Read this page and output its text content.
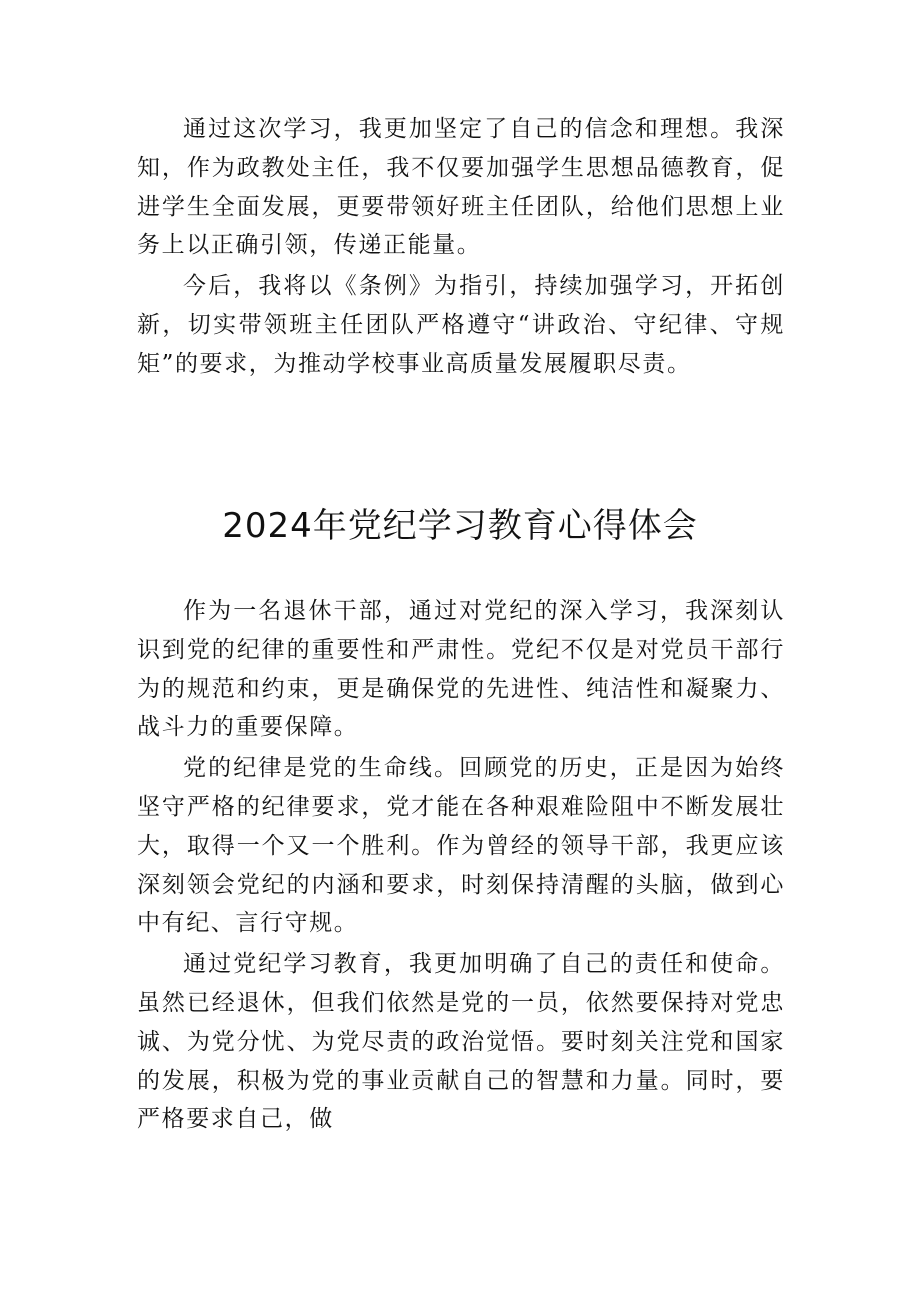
通过这次学习，我更加坚定了自己的信念和理想。我深知，作为政教处主任，我不仅要加强学生思想品德教育，促进学生全面发展，更要带领好班主任团队，给他们思想上业务上以正确引领，传递正能量。

今后，我将以《条例》为指引，持续加强学习，开拓创新，切实带领班主任团队严格遵守“讲政治、守纪律、守规矩”的要求，为推动学校事业高质量发展履职尽责。

2024年党纪学习教育心得体会

作为一名退休干部，通过对党纪的深入学习，我深刻认识到党的纪律的重要性和严肃性。党纪不仅是对党员干部行为的规范和约束，更是确保党的先进性、纯洁性和凝聚力、战斗力的重要保障。

党的纪律是党的生命线。回顾党的历史，正是因为始终坚守严格的纪律要求，党才能在各种艰难险阻中不断发展壮大，取得一个又一个胜利。作为曾经的领导干部，我更应该深刻领会党纪的内涵和要求，时刻保持清醒的头脑，做到心中有纪、言行守规。

通过党纪学习教育，我更加明确了自己的责任和使命。虽然已经退休，但我们依然是党的一员，依然要保持对党忠诚、为党分忧、为党尽责的政治觉悟。要时刻关注党和国家的发展，积极为党的事业贡献自己的智慧和力量。同时，要严格要求自己，做
